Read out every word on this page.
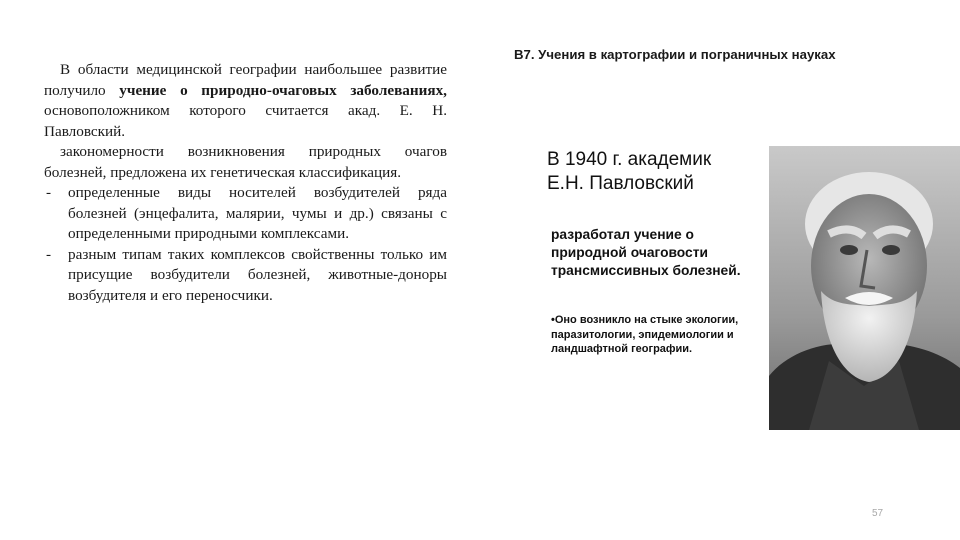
В области медицинской географии наибольшее развитие получило учение о природно-очаговых заболеваниях, основоположником которого считается акад. Е. Н. Павловский.

закономерности возникновения природных очагов болезней, предложена их генетическая классификация.

- определенные виды носителей возбудителей ряда болезней (энцефалита, малярии, чумы и др.) связаны с определенными природными комплексами.

- разным типам таких комплексов свойственны только им присущие возбудители болезней, животные-доноры возбудителя и его переносчики.

В7. Учения в картографии и пограничных науках
В 1940 г. академик
Е.Н. Павловский
разработал учение о природной очаговости трансмиссивных болезней.
•Оно возникло на стыке экологии, паразитологии, эпидемиологии и ландшафтной географии.
57
